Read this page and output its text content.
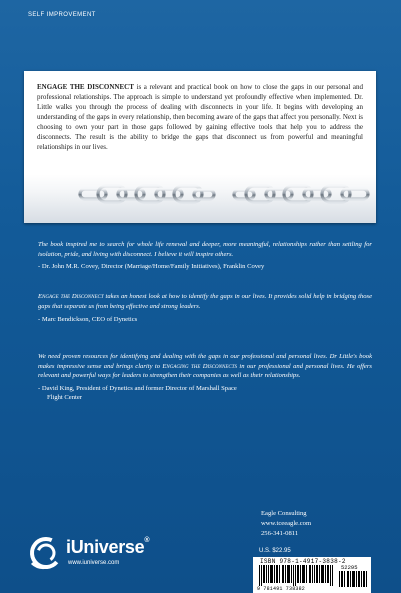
SELF IMPROVEMENT
ENGAGE THE DISCONNECT is a relevant and practical book on how to close the gaps in our personal and professional relationships. The approach is simple to understand yet profoundly effective when implemented. Dr. Little walks you through the process of dealing with disconnects in your life. It begins with developing an understanding of the gaps in every relationship, then becoming aware of the gaps that affect you personally. Next is choosing to own your part in those gaps followed by gaining effective tools that help you to address the disconnects. The result is the ability to bridge the gaps that disconnect us from powerful and meaningful relationships in our lives.
The book inspired me to search for whole life renewal and deeper, more meaningful, relationships rather than settling for isolation, pride, and living with disconnect. I believe it will inspire others.
- Dr. John M.R. Covey, Director (Marriage/Home/Family Initiatives), Franklin Covey
Engage the Disconnect takes an honest look at how to identify the gaps in our lives. It provides solid help in bridging those gaps that separate us from being effective and strong leaders.
- Marc Bendickson, CEO of Dynetics
We need proven resources for identifying and dealing with the gaps in our professional and personal lives. Dr Little's book makes impressive sense and brings clarity to Engaging the Disconnects in our professional and personal lives. He offers relevant and powerful ways for leaders to strengthen their companies as well as their relationships.
- David King, President of Dynetics and former Director of Marshall Space
Flight Center
Eagle Consulting
www.tceeagle.com
256-341-0811
U.S. $22.95
ISBN 978-1-4917-3838-2
52295
9 781491 738382
iUniverse®
www.iuniverse.com
